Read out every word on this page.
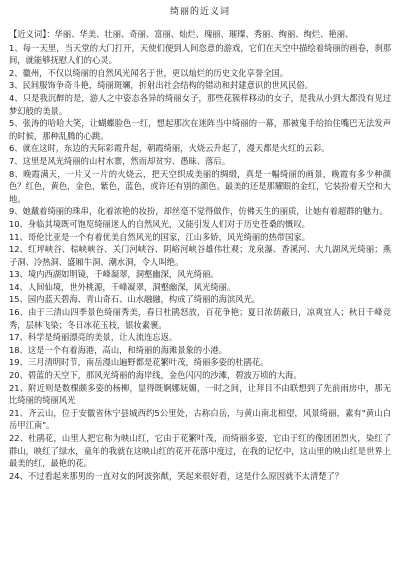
绮丽的近义词

【近义词】：华丽、华美、壮丽、奇丽、富丽、灿烂、瑰丽、璀璨、秀丽、绚丽、绚烂、艳丽、

1、每一天里，当天堂的大门打开，天使们便到人间恣意的游戏，它们在天空中描绘着绮丽的画卷，刹那间，就能够抚慰人们的心灵。
2、徽州，不仅以绮丽的自然风光闻名于世，更以灿烂的历史文化享誉全国。
3、民间服饰争奇斗艳，绮丽斑斓，折射出社会结构的错动和封建意识的世风民俗。
4、只是我沉醉的是，游人之中姿态各异的绮丽女子，那些花簇样移动的女子，是我从小到大都没有见过梦幻般的美景。
5、张涛的哈哈大笑，让蝴蝶脸色一红，想起那次在迷阵当中绮丽的一幕，那被鬼手给抬住嘴巴无法发声的时候，那种乱腾的心跳。
6、就在这时，东边的天际彩霞升起，朝霞绮丽，火烧云升起了，漫天都是火红的云彩。
7、这里是风光绮丽的山村水寨，然而却贫穷、愚昧、落后。
8、晚霞满天，一片又一片的火烧云，把天空织成美丽的绸缎，真是一幅绮丽的画景，晚霞有多少种颜色？红色，黄色，金色，紫色，蓝色，或许还有别的颜色。最美的还是那耀眼的金红，它装扮着天空和大地。
9、她戴着绮丽的珠串，化着浓艳的妆扮，却丝毫不觉得做作，仿佛天生的丽质，让她有着超群的魅力。
10、身临其境既可饱览绮丽迷人的自然风光，又能引发人们对于历史苍桑的慨叹。
11、哥伦比亚是一个有着优美自然风光的国家，江山多娇，风光绮丽的热带国家。
12、红坪峡谷、棕峡峡谷、关门河峡谷、阴峪河峡谷雄伟壮观；龙泉瀑、香溪河、大九湖风光绮丽；燕子洞、冷热洞、盛厢牛洞、潮水洞，令人叫绝。
13、境内西湖如明镜，千峰凝翠，洞壑幽深，风光绮丽。
14、人间仙境，世外桃源，千峰凝翠，洞壑幽深，风光绮丽。
15、园内蓝天碧海、青山奇石、山水融融，构成了绮丽的海滨风光。
16、由于三清山四季景色绮丽秀美，春日杜鹃怒放，百花争艳；夏日浓荫蔽日，凉爽宜人；秋日千峰竞秀，层林飞染；冬日冰花玉枝，银妆素裹。
17、科学是绮丽漂亮的美景，让人流连忘返。
18、这是一个有着海港，高山，和绮丽的海滩景象的小港。
19、三月清明时节，南岳漫山遍野都是花繁叶茂，绮丽多姿的杜鹃花。
20、碧蓝的天空下，那风光绮丽的海岸线，金色闪闪的沙滩，碧波万顷的大海。
21、附近则是数棵颇多姿的杨柳，显得既婀娜妩媚，一时之间，让拜目不由联想到了先前雨房中，那无比绮丽的绮丽风光
21、齐云山，位于安徽省休宁县城西约5公里处，古称白岳，与黄山南北相望，风景绮丽，素有"黄山白岳甲江南"。
22、杜鹃花，山里人把它称为映山红，它由于花繁叶茂，而绮丽多姿，它由于红的像团团烈火，染红了群山，映红了绿水，童年的我就在这映山红的花开花落中度过，在我的记忆中，这山里的映山红是世界上最美的红，最艳的花。
24、不过看起来那男的一直对女的阿波弥猷，笑起来很好看，这是什么原因就不太清楚了？
